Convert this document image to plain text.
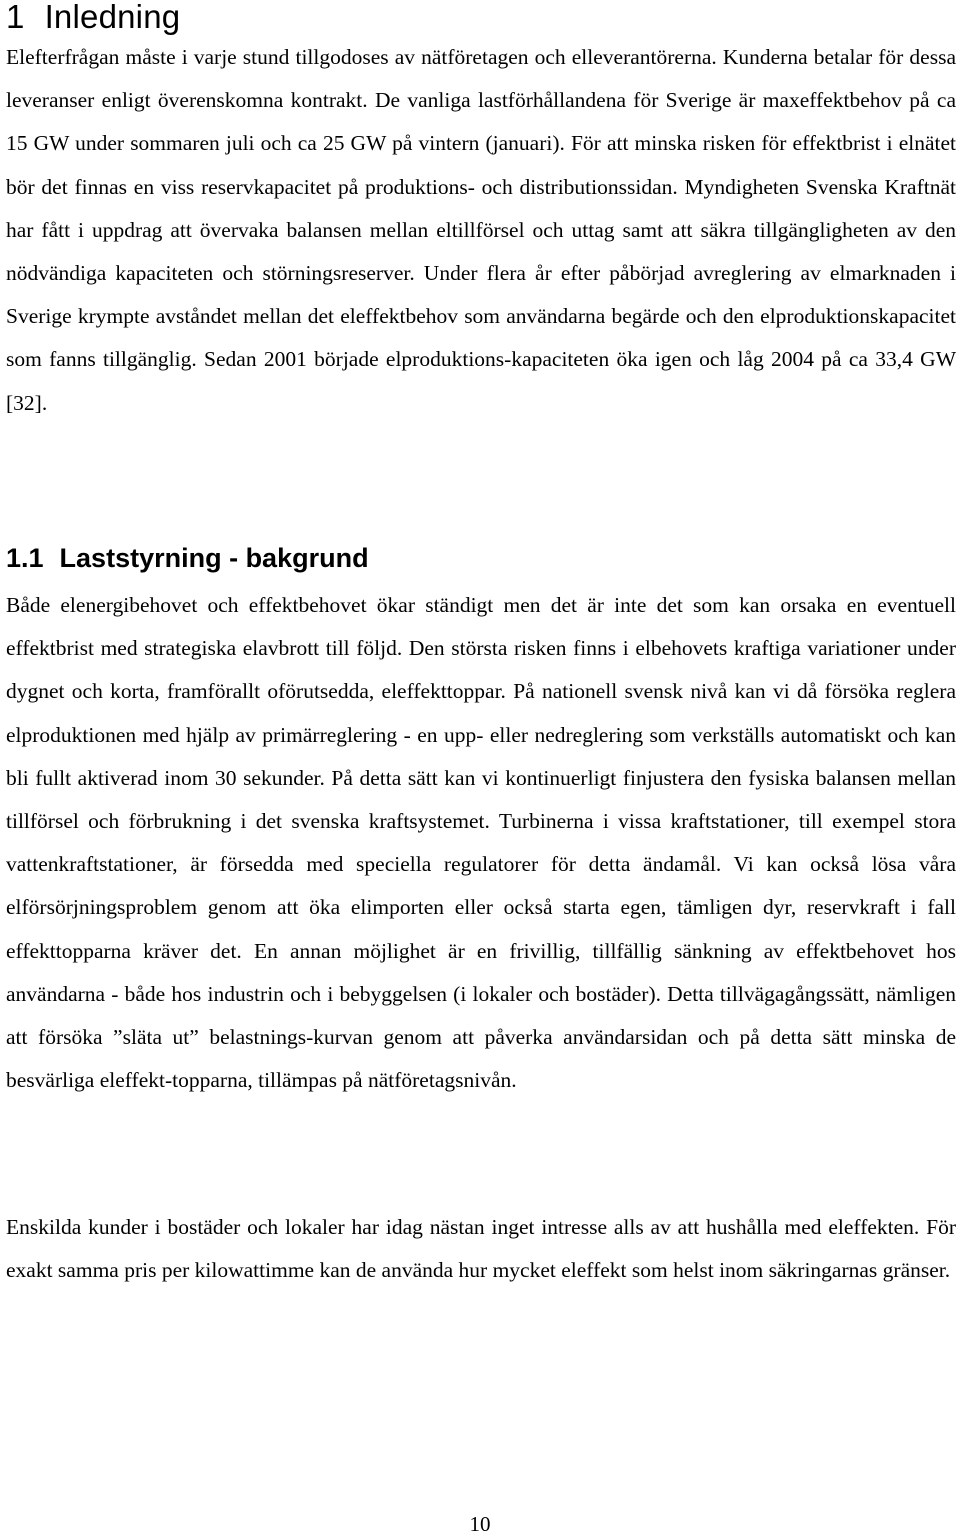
1 Inledning

Elefterfrågan måste i varje stund tillgodoses av nätföretagen och elleverantörerna. Kunderna betalar för dessa leveranser enligt överenskomna kontrakt. De vanliga lastförhållandena för Sverige är maxeffektbehov på ca 15 GW under sommaren juli och ca 25 GW på vintern (januari). För att minska risken för effektbrist i elnätet bör det finnas en viss reservkapacitet på produktions- och distributionssidan. Myndigheten Svenska Kraftnät har fått i uppdrag att övervaka balansen mellan eltillförsel och uttag samt att säkra tillgängligheten av den nödvändiga kapaciteten och störningsreserver. Under flera år efter påbörjad avreglering av elmarknaden i Sverige krympte avståndet mellan det eleffektbehov som användarna begärde och den elproduktionskapacitet som fanns tillgänglig. Sedan 2001 började elproduktions-kapaciteten öka igen och låg 2004 på ca 33,4 GW [32].

1.1 Laststyrning - bakgrund

Både elenergibehovet och effektbehovet ökar ständigt men det är inte det som kan orsaka en eventuell effektbrist med strategiska elavbrott till följd. Den största risken finns i elbehovets kraftiga variationer under dygnet och korta, framförallt oförutsedda, eleffekttoppar. På nationell svensk nivå kan vi då försöka reglera elproduktionen med hjälp av primärreglering - en upp- eller nedreglering som verkställs automatiskt och kan bli fullt aktiverad inom 30 sekunder. På detta sätt kan vi kontinuerligt finjustera den fysiska balansen mellan tillförsel och förbrukning i det svenska kraftsystemet. Turbinerna i vissa kraftstationer, till exempel stora vattenkraftstationer, är försedda med speciella regulatorer för detta ändamål. Vi kan också lösa våra elförsörjningsproblem genom att öka elimporten eller också starta egen, tämligen dyr, reservkraft i fall effekttopparna kräver det. En annan möjlighet är en frivillig, tillfällig sänkning av effektbehovet hos användarna - både hos industrin och i bebyggelsen (i lokaler och bostäder). Detta tillvägagångssätt, nämligen att försöka ”släta ut” belastnings-kurvan genom att påverka användarsidan och på detta sätt minska de besvärliga eleffekt-topparna, tillämpas på nätföretagsnivån.

Enskilda kunder i bostäder och lokaler har idag nästan inget intresse alls av att hushålla med eleffekten. För exakt samma pris per kilowattimme kan de använda hur mycket eleffekt som helst inom säkringarnas gränser.

10
